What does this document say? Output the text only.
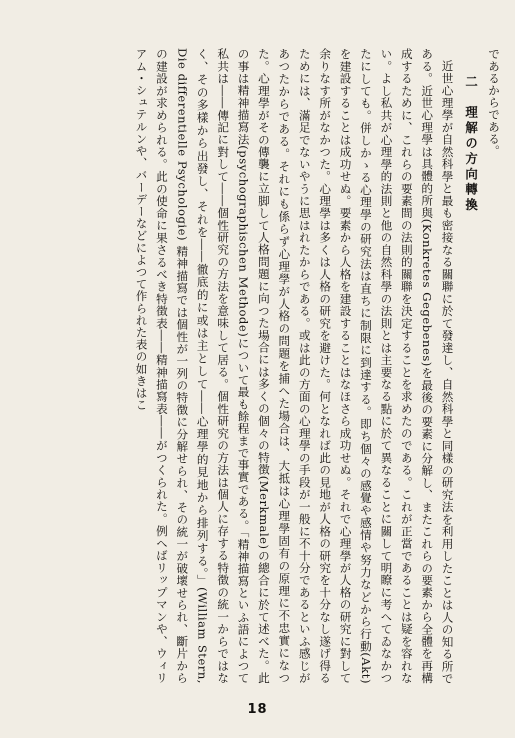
であるからである。

二　理解の方向轉換

近世心理學が自然科學と最も密接なる關聯に於て發達し、自然科學と同樣の研究法を利用したことは人の知る所である。近世心理學は具體的所與(Konkretes Gegebenes)を最後の要素に分解し、またこれらの要素から全體を再構成するために、これらの要素間の法則的關聯を決定することを求めたのである。これが正當であることは疑を容れない。よし私共が心理學的法則と他の自然科學の法則とは主要なる點に於て異なることに關して明瞭に考へてゐなかつたにしても。併しかゝる心理學の研究法は直ちに制限に到達する。即ち個々の感覺や感情や努力などから行動(Akt)を建設することは成功せぬ。要素から人格を建設することはなほさら成功せぬ。それで心理學が人格の研究に對して余りなす所がなかつた。心理學は多くは人格の研究を避けた。何となれば此の見地が人格の研究を十分なし遂げ得るためには、滿足でないやうに思はれたからである。或は此の方面の心理學の手段が一般に不十分であるといふ感じがあつたからである。それにも係らず心理學が人格の問題を捕へた場合は、大抵は心理學固有の原理に不忠實になつた。心理學がその傳襲に立脚して人格問題に向つた場合には多くの個々の特徴(Merkmale)の總合に於て述べた。此の事は精神描寫法(psychographischen Methode)について最も餘程まで事實である。「精神描寫といふ語によつて私共は――傳記に對して――個性研究の方法を意味して居る。個性研究の方法は個人に存する特徴の統一からではなく、その多樣から出發し、それを――徹底的に或は主として――心理學的見地から排列する。」(William Stern, Die differentielle Psychologie) 精神描寫では個性が一列の特徴に分解せられ、その統一が破壞せられ、斷片からの建設が求められる。此の使命に果さるべき特徴表――精神描寫表――がつくられた。例へばリップマンや、ウィリアム・シュテルンや、バーデーなどによつて作られた表の如きはこ

18
